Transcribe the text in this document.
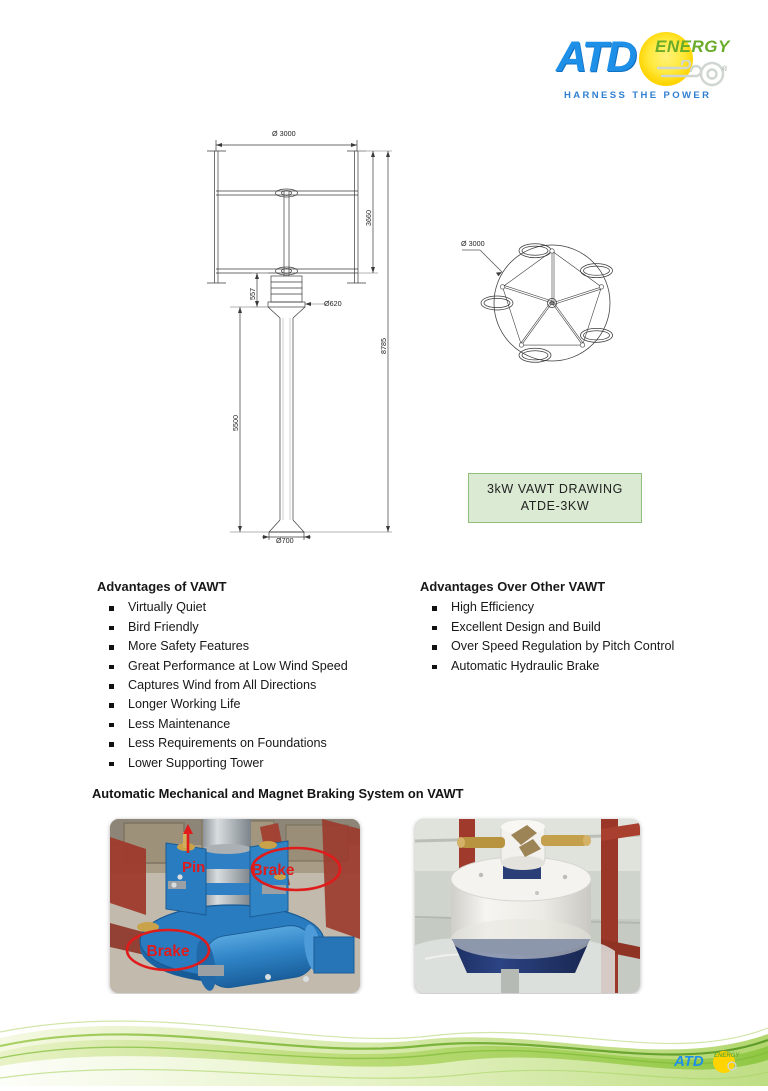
ATD ENERGY
®
HARNESS THE POWER
Ø 3000
Ø620
Ø700
3660
8785
5500
557
Ø 3000
3kW VAWT DRAWING
ATDE-3KW
Advantages of VAWT
Virtually Quiet
Bird Friendly
More Safety Features
Great Performance at Low Wind Speed
Captures Wind from All Directions
Longer Working Life
Less Maintenance
Less Requirements on Foundations
Lower Supporting Tower
Advantages Over Other VAWT
High Efficiency
Excellent Design and Build
Over Speed Regulation by Pitch Control
Automatic Hydraulic Brake
Automatic Mechanical and Magnet Braking System on VAWT
Pin	Brake
Brake
ATD ENERGY
